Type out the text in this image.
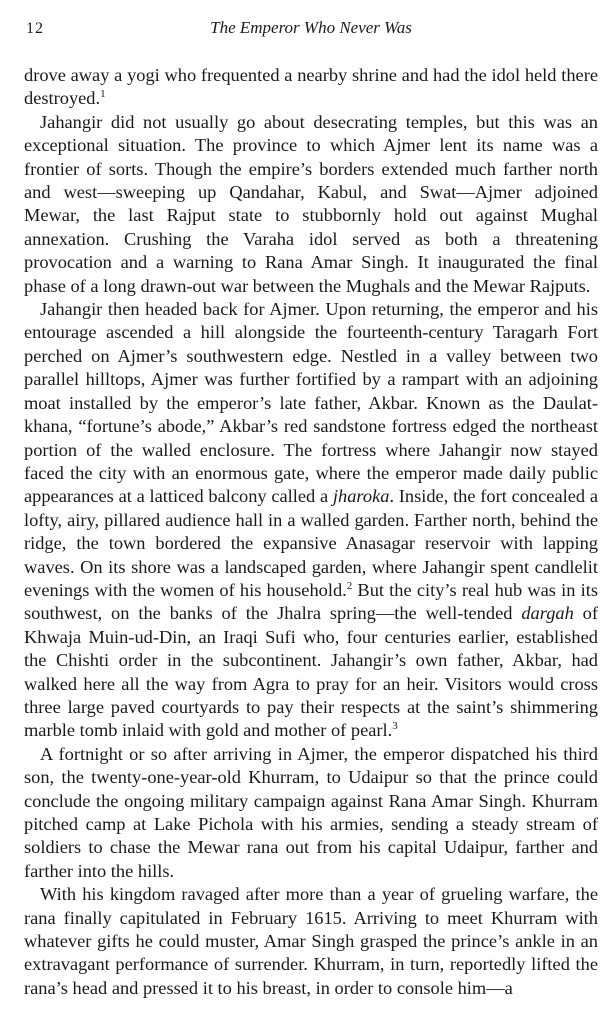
12	The Emperor Who Never Was

drove away a yogi who frequented a nearby shrine and had the idol held there destroyed.$^1$

Jahangir did not usually go about desecrating temples, but this was an exceptional situation. The province to which Ajmer lent its name was a frontier of sorts. Though the empire’s borders extended much farther north and west—sweeping up Qandahar, Kabul, and Swat—Ajmer adjoined Mewar, the last Rajput state to stubbornly hold out against Mughal annexation. Crushing the Varaha idol served as both a threatening provocation and a warning to Rana Amar Singh. It inaugurated the final phase of a long drawn-out war between the Mughals and the Mewar Rajputs.

Jahangir then headed back for Ajmer. Upon returning, the emperor and his entourage ascended a hill alongside the fourteenth-century Taragarh Fort perched on Ajmer’s southwestern edge. Nestled in a valley between two parallel hilltops, Ajmer was further fortified by a rampart with an adjoining moat installed by the emperor’s late father, Akbar. Known as the Daulat-khana, “fortune’s abode,” Akbar’s red sandstone fortress edged the northeast portion of the walled enclosure. The fortress where Jahangir now stayed faced the city with an enormous gate, where the emperor made daily public appearances at a latticed balcony called a jharoka. Inside, the fort concealed a lofty, airy, pillared audience hall in a walled garden. Farther north, behind the ridge, the town bordered the expansive Anasagar reservoir with lapping waves. On its shore was a landscaped garden, where Jahangir spent candlelit evenings with the women of his household.$^2$ But the city’s real hub was in its southwest, on the banks of the Jhalra spring—the well-tended dargah of Khwaja Muin-ud-Din, an Iraqi Sufi who, four centuries earlier, established the Chishti order in the subcontinent. Jahangir’s own father, Akbar, had walked here all the way from Agra to pray for an heir. Visitors would cross three large paved courtyards to pay their respects at the saint’s shimmering marble tomb inlaid with gold and mother of pearl.$^3$

A fortnight or so after arriving in Ajmer, the emperor dispatched his third son, the twenty-one-year-old Khurram, to Udaipur so that the prince could conclude the ongoing military campaign against Rana Amar Singh. Khurram pitched camp at Lake Pichola with his armies, sending a steady stream of soldiers to chase the Mewar rana out from his capital Udaipur, farther and farther into the hills.

With his kingdom ravaged after more than a year of grueling warfare, the rana finally capitulated in February 1615. Arriving to meet Khurram with whatever gifts he could muster, Amar Singh grasped the prince’s ankle in an extravagant performance of surrender. Khurram, in turn, reportedly lifted the rana’s head and pressed it to his breast, in order to console him—a
